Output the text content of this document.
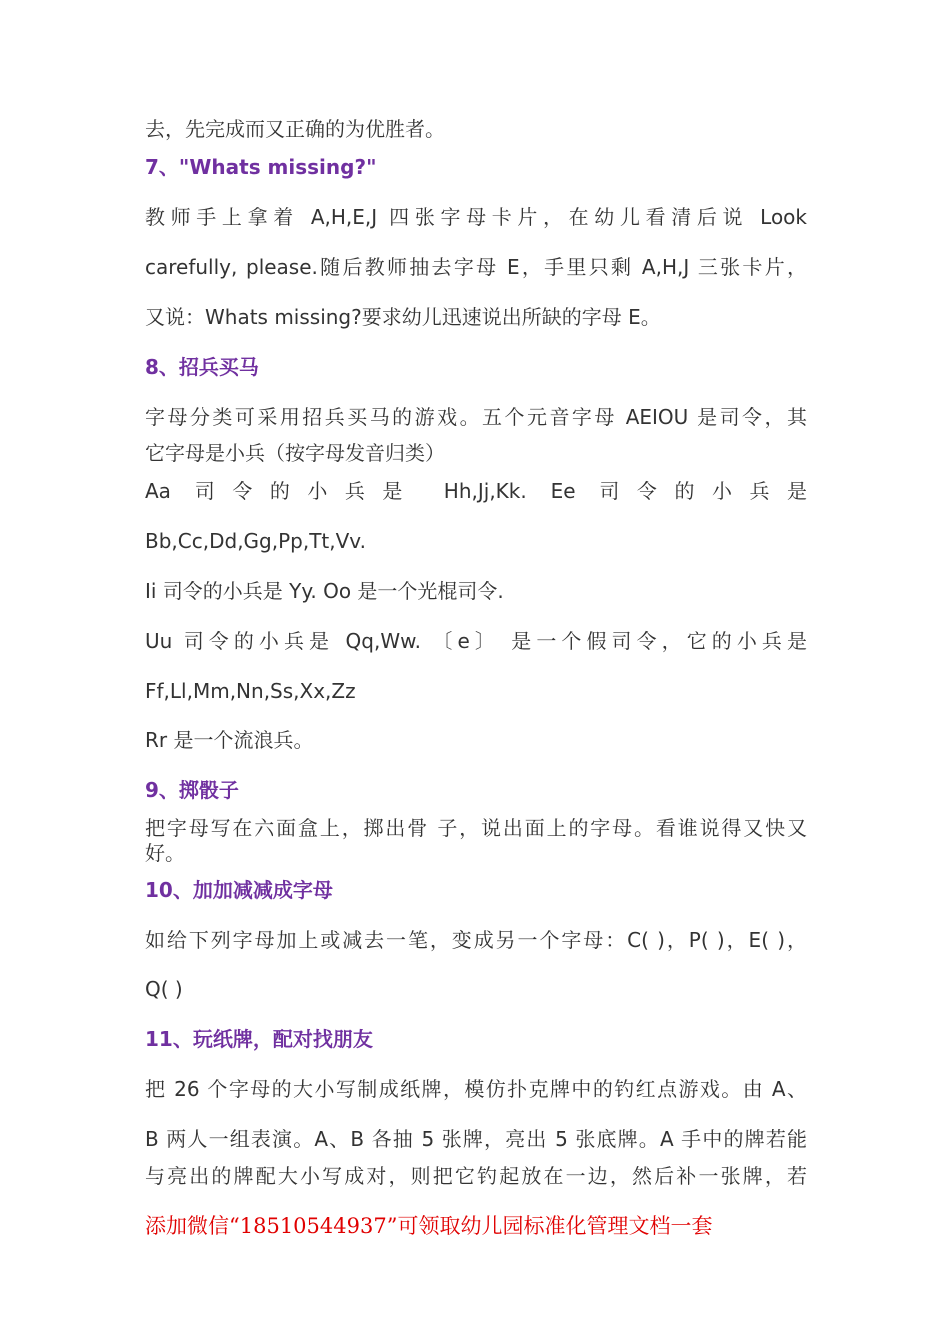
去，先完成而又正确的为优胜者。
7、"Whats missing?"
教师手上拿着 A,H,E,J 四张字母卡片，在幼儿看清后说 Look
carefully, please.随后教师抽去字母 E，手里只剩 A,H,J 三张卡片，
又说：Whats missing?要求幼儿迅速说出所缺的字母 E。
8、招兵买马
字母分类可采用招兵买马的游戏。五个元音字母 AEIOU 是司令，其
它字母是小兵（按字母发音归类）
Aa 司令的小兵是 Hh,Jj,Kk. Ee 司令的小兵是
Bb,Cc,Dd,Gg,Pp,Tt,Vv.
Ii 司令的小兵是 Yy. Oo 是一个光棍司令.
Uu 司令的小兵是 Qq,Ww. 〔e〕 是一个假司令，它的小兵是
Ff,Ll,Mm,Nn,Ss,Xx,Zz
Rr 是一个流浪兵。
9、掷骰子
把字母写在六面盒上，掷出骨 子，说出面上的字母。看谁说得又快又
好。
10、加加减减成字母
如给下列字母加上或减去一笔，变成另一个字母：C( )，P( )，E( )，
Q( )
11、玩纸牌，配对找朋友
把 26 个字母的大小写制成纸牌，模仿扑克牌中的钓红点游戏。由 A、
B 两人一组表演。A、B 各抽 5 张牌，亮出 5 张底牌。A 手中的牌若能
与亮出的牌配大小写成对，则把它钓起放在一边，然后补一张牌，若
添加微信“18510544937”可领取幼儿园标准化管理文档一套
